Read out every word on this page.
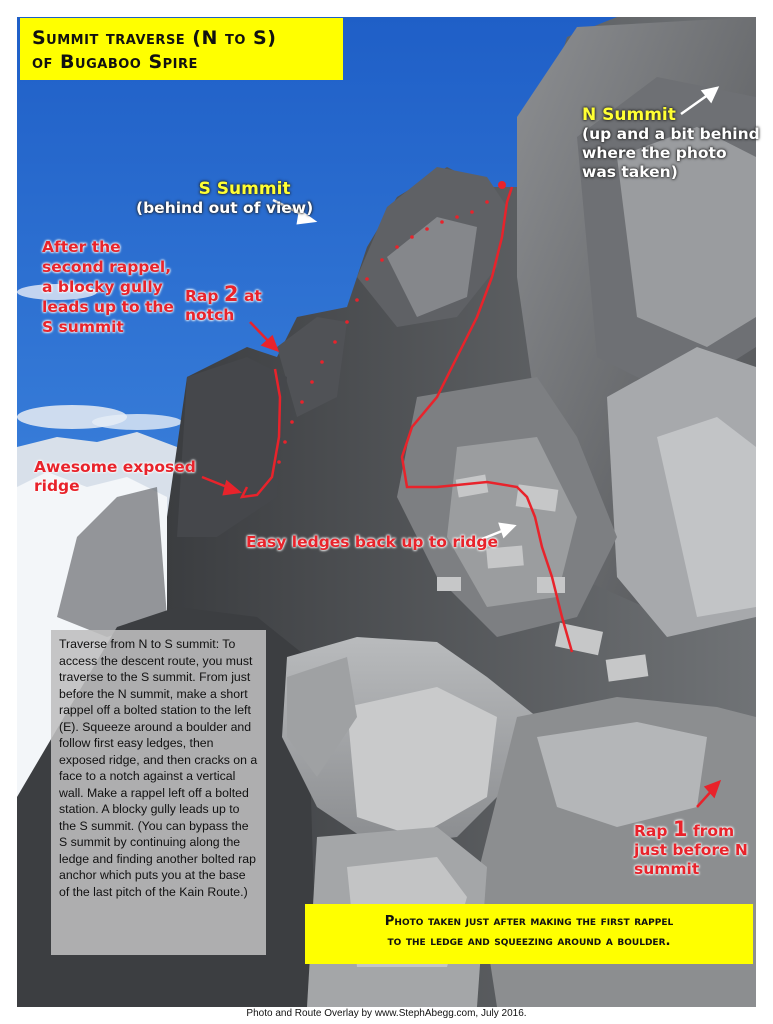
Summit traverse (N to S)
of Bugaboo Spire
N Summit
(up and a bit behind
where the photo
was taken)
S Summit
(behind out of view)
After the
second rappel,
a blocky gully
leads up to the
S summit
Rap 2 at
notch
Awesome exposed
ridge
Easy ledges back up to ridge
Rap 1 from
just before N
summit
Traverse from N to S summit: To access the descent route, you must traverse to the S summit. From just before the N summit, make a short rappel off a bolted station to the left (E). Squeeze around a boulder and follow first easy ledges, then exposed ridge, and then cracks on a face to a notch against a vertical wall. Make a rappel left off a bolted station. A blocky gully leads up to the S summit. (You can bypass the S summit by continuing along the ledge and finding another bolted rap anchor which puts you at the base of the last pitch of the Kain Route.)
Photo taken just after making the first rappel
to the ledge and squeezing around a boulder.
Photo and Route Overlay by www.StephAbegg.com, July 2016.
